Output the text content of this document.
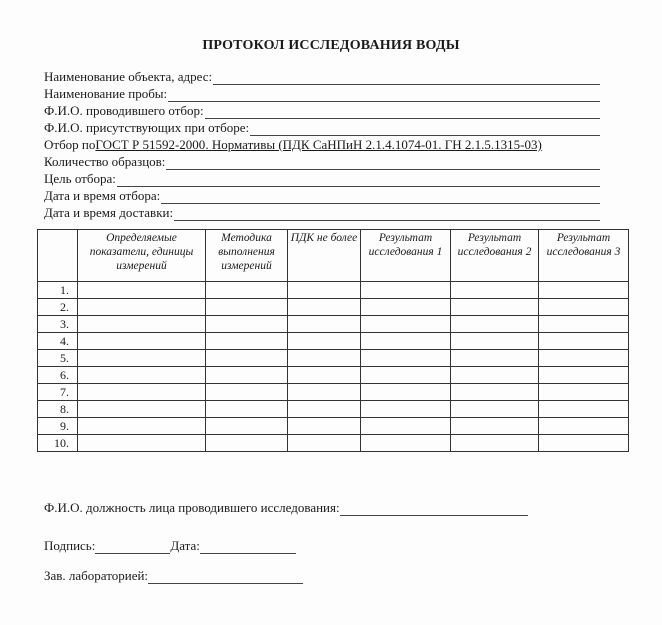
ПРОТОКОЛ ИССЛЕДОВАНИЯ ВОДЫ
Наименование объекта, адрес:
Наименование пробы:
Ф.И.О. проводившего отбор:
Ф.И.О. присутствующих при отборе:
Отбор по ГОСТ Р 51592-2000 . Нормативы (ПДК СаНПиН 2.1.4.1074-01. ГН 2.1.5.1315-03)
Количество образцов:
Цель отбора:
Дата и время отбора:
Дата и время доставки:
	Определяемые показатели, единицы измерений	Методика выполнения измерений	ПДК не более	Результат исследования 1	Результат исследования 2	Результат исследования 3
1.						
2.						
3.						
4.						
5.						
6.						
7.						
8.						
9.						
10.						
Ф.И.О. должность лица проводившего исследования:
Подпись:	Дата:
Зав. лабораторией:
